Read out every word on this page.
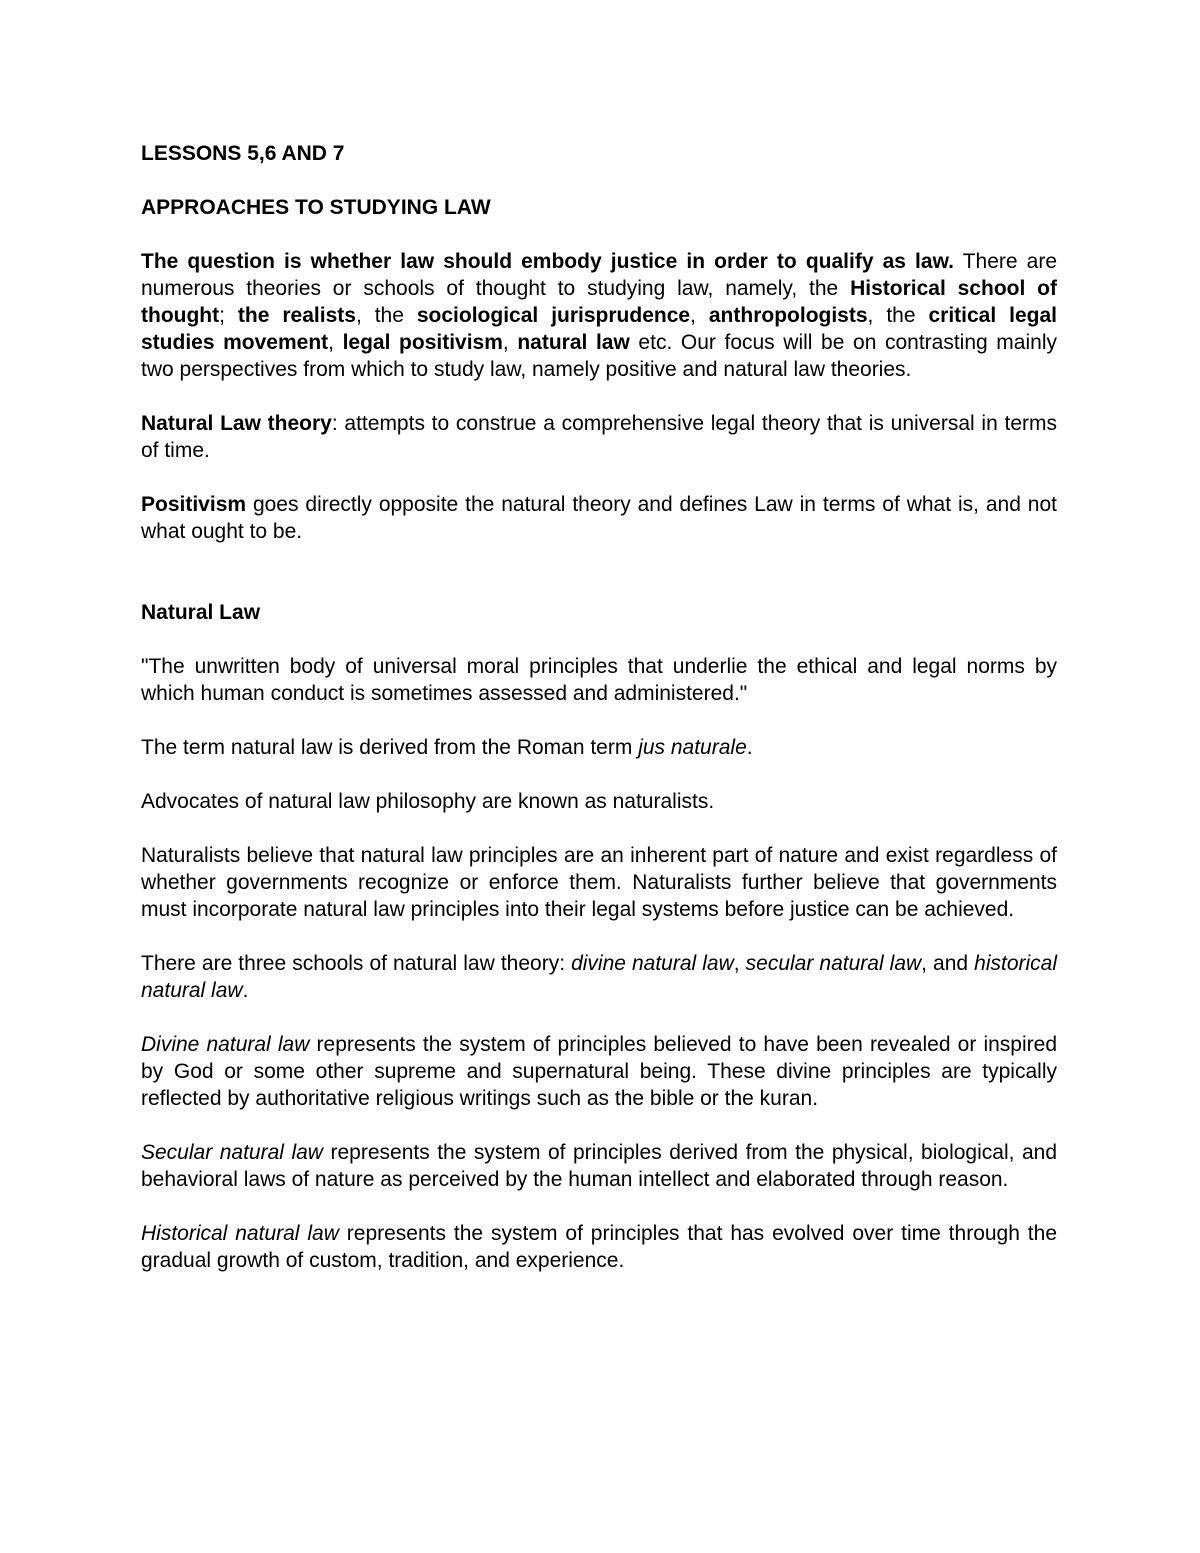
LESSONS 5,6 AND 7

APPROACHES TO STUDYING LAW

The question is whether law should embody justice in order to qualify as law. There are numerous theories or schools of thought to studying law, namely, the Historical school of thought; the realists, the sociological jurisprudence, anthropologists, the critical legal studies movement, legal positivism, natural law etc. Our focus will be on contrasting mainly two perspectives from which to study law, namely positive and natural law theories.

Natural Law theory: attempts to construe a comprehensive legal theory that is universal in terms of time.

Positivism goes directly opposite the natural theory and defines Law in terms of what is, and not what ought to be.

Natural Law

"The unwritten body of universal moral principles that underlie the ethical and legal norms by which human conduct is sometimes assessed and administered."

The term natural law is derived from the Roman term jus naturale.

Advocates of natural law philosophy are known as naturalists.

Naturalists believe that natural law principles are an inherent part of nature and exist regardless of whether governments recognize or enforce them. Naturalists further believe that governments must incorporate natural law principles into their legal systems before justice can be achieved.

There are three schools of natural law theory: divine natural law, secular natural law, and historical natural law.

Divine natural law represents the system of principles believed to have been revealed or inspired by God or some other supreme and supernatural being. These divine principles are typically reflected by authoritative religious writings such as the bible or the kuran.

Secular natural law represents the system of principles derived from the physical, biological, and behavioral laws of nature as perceived by the human intellect and elaborated through reason.

Historical natural law represents the system of principles that has evolved over time through the gradual growth of custom, tradition, and experience.
